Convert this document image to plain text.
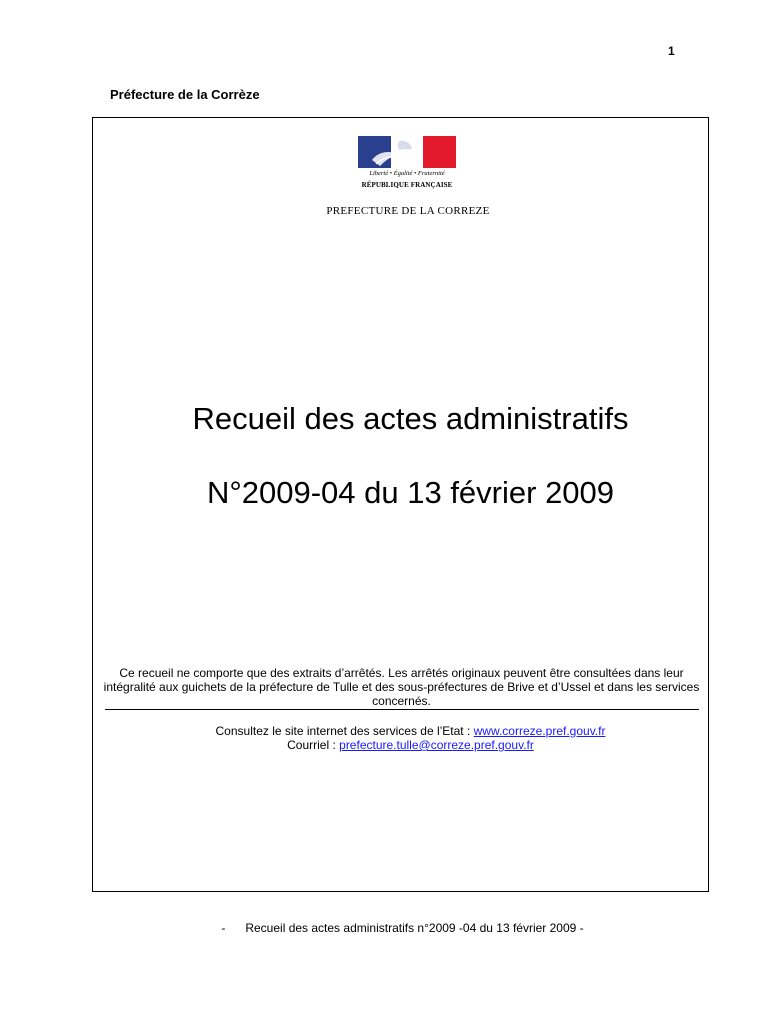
1
Préfecture de la Corrèze
Liberté • Égalité • Fraternité
RÉPUBLIQUE FRANÇAISE
PREFECTURE DE LA CORREZE
Recueil des actes administratifs
N°2009-04 du 13 février 2009
Ce recueil ne comporte que des extraits d’arrêtés. Les arrêtés originaux peuvent être consultées dans leur intégralité aux guichets de la préfecture de Tulle et des sous-préfectures de Brive et d’Ussel et dans les services concernés.
Consultez le site internet des services de l’Etat : www.correze.pref.gouv.fr
Courriel : prefecture.tulle@correze.pref.gouv.fr
- Recueil des actes administratifs n°2009 -04 du 13 février 2009 -
